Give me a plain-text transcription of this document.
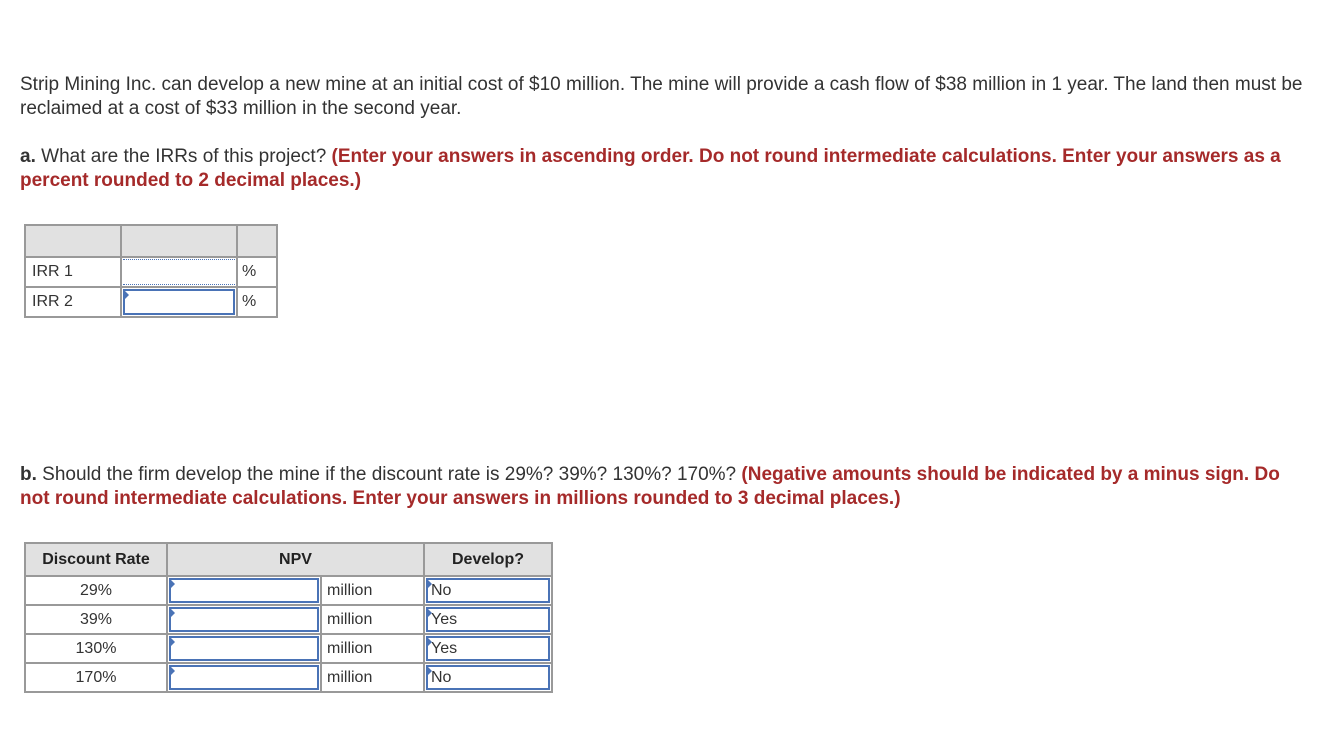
Strip Mining Inc. can develop a new mine at an initial cost of $10 million. The mine will provide a cash flow of $38 million in 1 year. The land then must be reclaimed at a cost of $33 million in the second year.

a. What are the IRRs of this project? (Enter your answers in ascending order. Do not round intermediate calculations. Enter your answers as a percent rounded to 2 decimal places.)

IRR 1		%
IRR 2		%

b. Should the firm develop the mine if the discount rate is 29%? 39%? 130%? 170%? (Negative amounts should be indicated by a minus sign. Do not round intermediate calculations. Enter your answers in millions rounded to 3 decimal places.)

Discount Rate	NPV		Develop?
29%		million	No

39%		million	Yes

130%		million	Yes

170%		million	No
